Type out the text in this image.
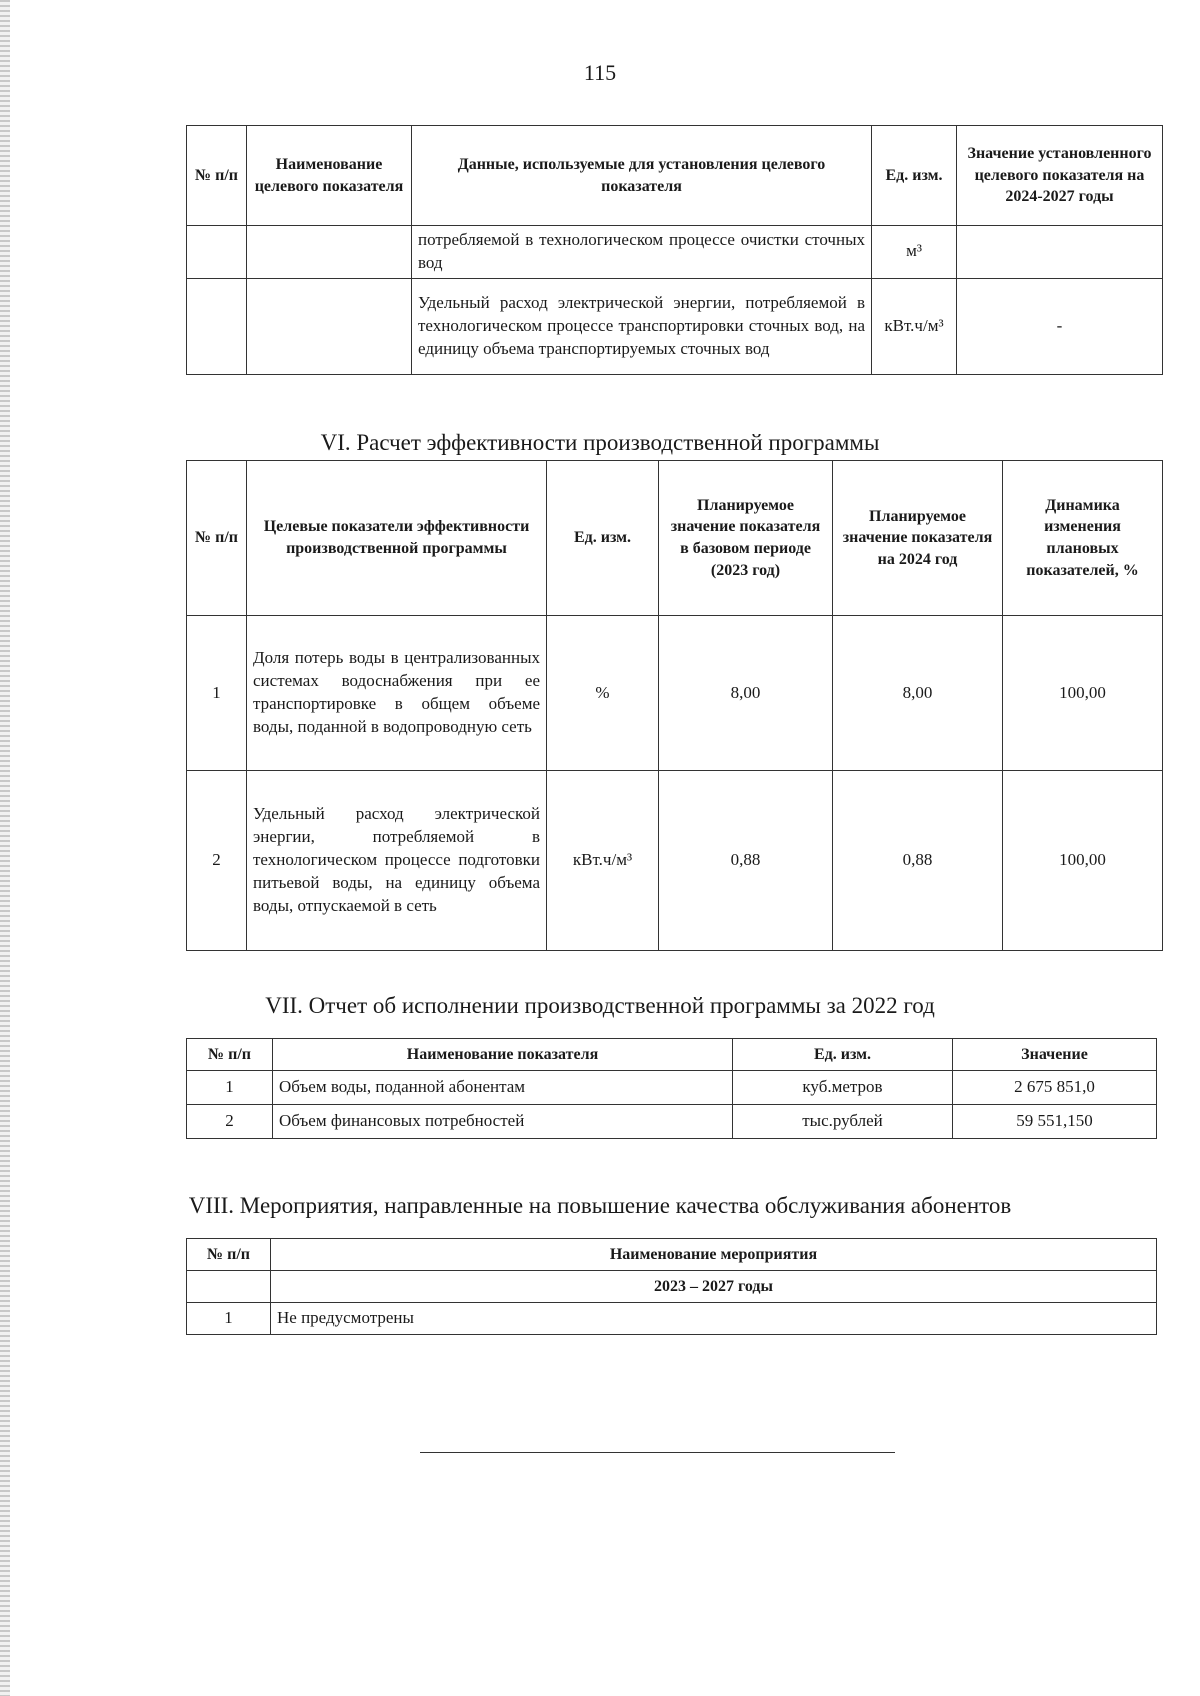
115
№ п/п	Наименование целевого показателя	Данные, используемые для установления целевого показателя	Ед. изм.	Значение установленного целевого показателя на 2024-2027 годы
		потребляемой в технологическом процессе очистки сточных вод	м³	
		Удельный расход электрической энергии, потребляемой в технологическом процессе транспортировки сточных вод, на единицу объема транспортируемых сточных вод	кВт.ч/м³	-
VI. Расчет эффективности производственной программы
№ п/п	Целевые показатели эффективности производственной программы	Ед. изм.	Планируемое значение показателя в базовом периоде (2023 год)	Планируемое значение показателя на 2024 год	Динамика изменения плановых показателей, %
1	Доля потерь воды в централизованных системах водоснабжения при ее транспортировке в общем объеме воды, поданной в водопроводную сеть	%	8,00	8,00	100,00
2	Удельный расход электрической энергии, потребляемой в технологическом процессе подготовки питьевой воды, на единицу объема воды, отпускаемой в сеть	кВт.ч/м³	0,88	0,88	100,00
VII. Отчет об исполнении производственной программы за 2022 год
№ п/п	Наименование показателя	Ед. изм.	Значение
1	Объем воды, поданной абонентам	куб.метров	2 675 851,0
2	Объем финансовых потребностей	тыс.рублей	59 551,150
VIII. Мероприятия, направленные на повышение качества обслуживания абонентов
№ п/п	Наименование мероприятия
	2023 – 2027 годы
1	Не предусмотрены
